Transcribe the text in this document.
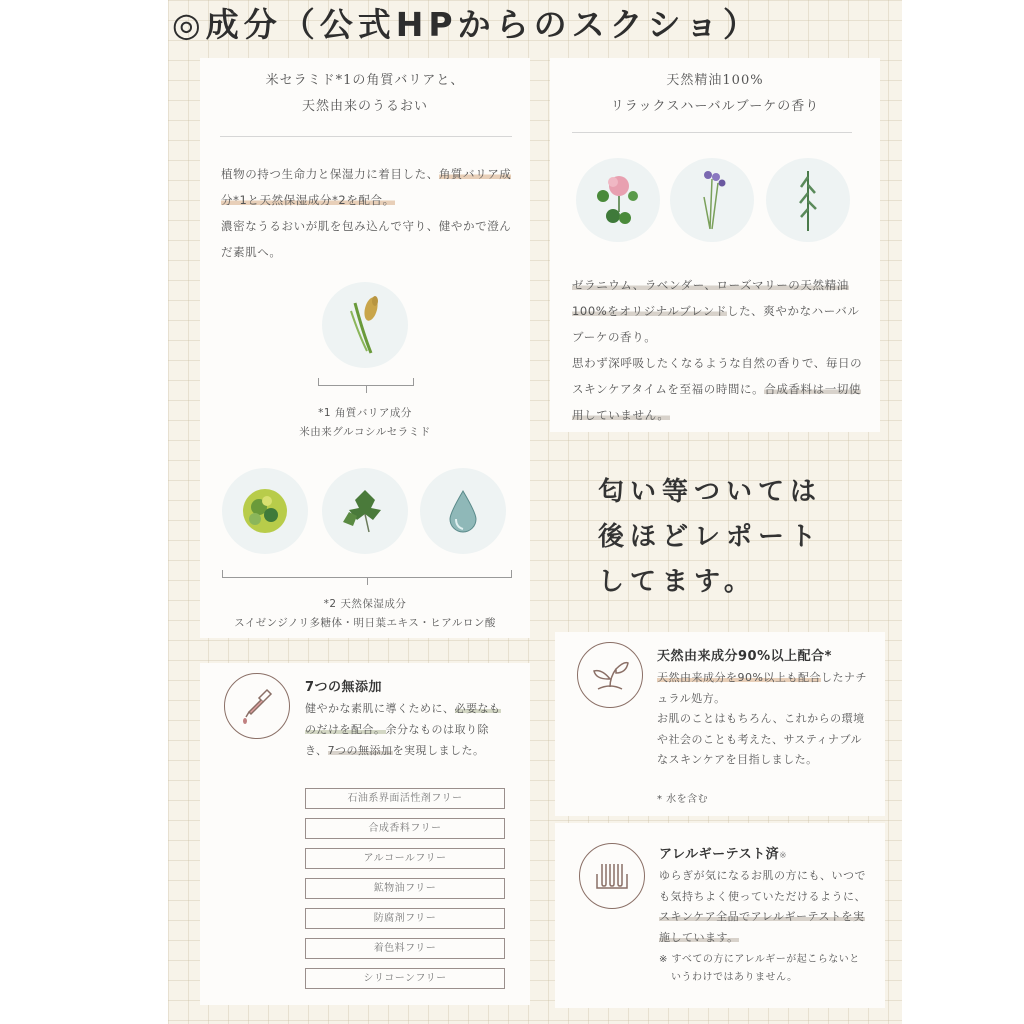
◎成分（公式HPからのスクショ）
米セラミド*1の角質バリアと、
天然由来のうるおい
植物の持つ生命力と保湿力に着目した、角質バリア成分*1と天然保湿成分*2を配合。
濃密なうるおいが肌を包み込んで守り、健やかで澄んだ素肌へ。
*1 角質バリア成分
米由来グルコシルセラミド
*2 天然保湿成分
スイゼンジノリ多糖体・明日葉エキス・ヒアルロン酸
天然精油100%
リラックスハーバルブーケの香り
ゼラニウム、ラベンダー、ローズマリーの天然精油100%をオリジナルブレンドした、爽やかなハーバルブーケの香り。
思わず深呼吸したくなるような自然の香りで、毎日のスキンケアタイムを至福の時間に。合成香料は一切使用していません。
匂い等ついては
後ほどレポート
してます。
7つの無添加
健やかな素肌に導くために、必要なものだけを配合。余分なものは取り除き、7つの無添加を実現しました。
石油系界面活性剤フリー
合成香料フリー
アルコールフリー
鉱物油フリー
防腐剤フリー
着色料フリー
シリコーンフリー
天然由来成分90%以上配合*
天然由来成分を90%以上も配合したナチュラル処方。
お肌のことはもちろん、これからの環境や社会のことも考えた、サスティナブルなスキンケアを目指しました。
* 水を含む
アレルギーテスト済※
ゆらぎが気になるお肌の方にも、いつでも気持ちよく使っていただけるように、スキンケア全品でアレルギーテストを実施しています。
※ すべての方にアレルギーが起こらないというわけではありません。
